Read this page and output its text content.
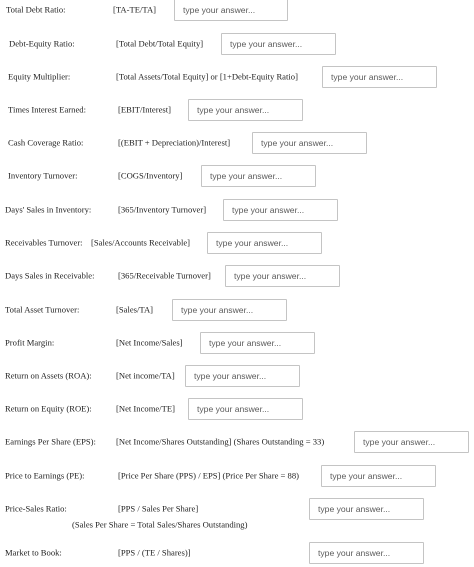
Total Debt Ratio:	[TA-TE/TA]
type your answer...
Debt-Equity Ratio:	[Total Debt/Total Equity]
type your answer...
Equity Multiplier:	[Total Assets/Total Equity] or [1+Debt-Equity Ratio]
type your answer...
Times Interest Earned:	[EBIT/Interest]
type your answer...
Cash Coverage Ratio:	[(EBIT + Depreciation)/Interest]
type your answer...
Inventory Turnover:	[COGS/Inventory]
type your answer...
Days' Sales in Inventory:	[365/Inventory Turnover]
type your answer...
Receivables Turnover: [Sales/Accounts Receivable]
type your answer...
Days Sales in Receivable:	[365/Receivable Turnover]
type your answer...
Total Asset Turnover:	[Sales/TA]
type your answer...
Profit Margin:	[Net Income/Sales]
type your answer...
Return on Assets (ROA):	[Net income/TA]
type your answer...
Return on Equity (ROE):	[Net Income/TE]
type your answer...
Earnings Per Share (EPS): [Net Income/Shares Outstanding] (Shares Outstanding = 33)
type your answer...
Price to Earnings (PE):	[Price Per Share (PPS) / EPS] (Price Per Share = 88)
type your answer...
Price-Sales Ratio:	[PPS / Sales Per Share]
type your answer...
(Sales Per Share = Total Sales/Shares Outstanding)
Market to Book:	[PPS / (TE / Shares)]
type your answer...
